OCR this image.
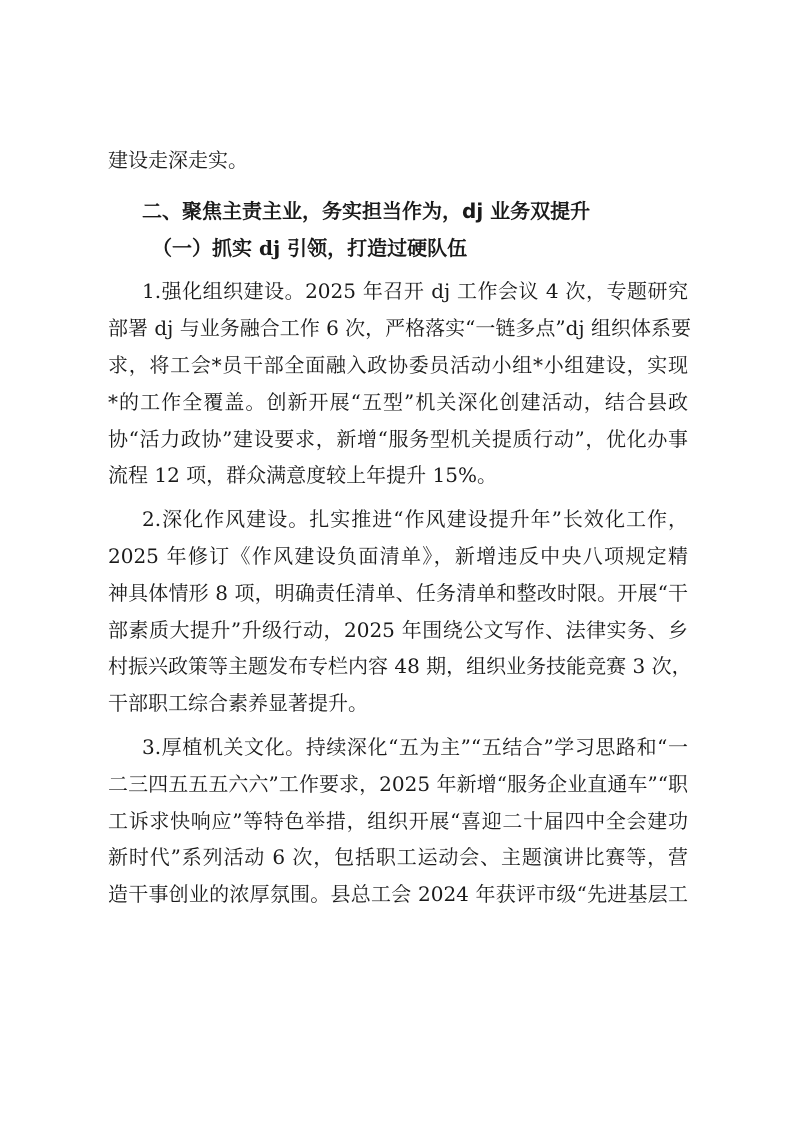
建设走深走实。
二、聚焦主责主业，务实担当作为，dj 业务双提升
（一）抓实 dj 引领，打造过硬队伍
1.强化组织建设。2025 年召开 dj 工作会议 4 次，专题研究
部署 dj 与业务融合工作 6 次，严格落实“一链多点”dj 组织体系要
求，将工会*员干部全面融入政协委员活动小组*小组建设，实现
*的工作全覆盖。创新开展“五型”机关深化创建活动，结合县政
协“活力政协”建设要求，新增“服务型机关提质行动”，优化办事
流程 12 项，群众满意度较上年提升 15%。
2.深化作风建设。扎实推进“作风建设提升年”长效化工作，
2025 年修订《作风建设负面清单》，新增违反中央八项规定精
神具体情形 8 项，明确责任清单、任务清单和整改时限。开展“干
部素质大提升”升级行动，2025 年围绕公文写作、法律实务、乡
村振兴政策等主题发布专栏内容 48 期，组织业务技能竞赛 3 次，
干部职工综合素养显著提升。
3.厚植机关文化。持续深化“五为主”“五结合”学习思路和“一
二三四五五五六六”工作要求，2025 年新增“服务企业直通车”“职
工诉求快响应”等特色举措，组织开展“喜迎二十届四中全会建功
新时代”系列活动 6 次，包括职工运动会、主题演讲比赛等，营
造干事创业的浓厚氛围。县总工会 2024 年获评市级“先进基层工
